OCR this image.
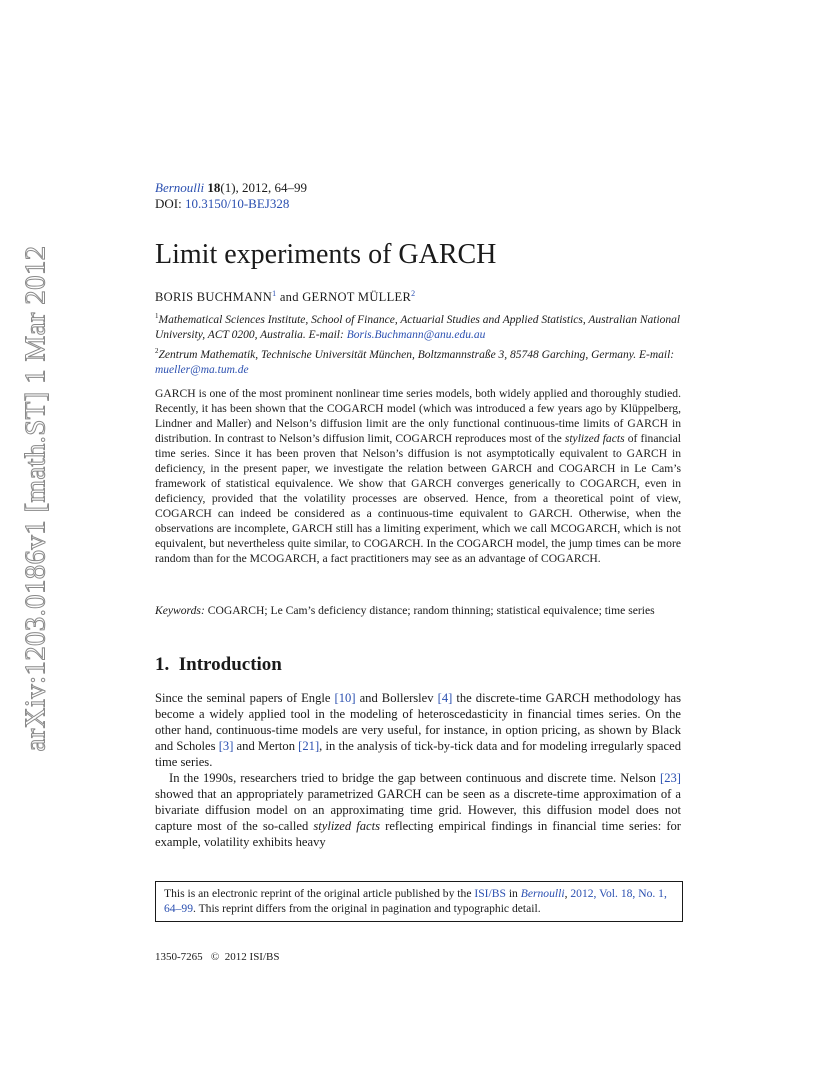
arXiv:1203.0186v1 [math.ST] 1 Mar 2012
Bernoulli 18(1), 2012, 64–99
DOI: 10.3150/10-BEJ328
Limit experiments of GARCH
BORIS BUCHMANN$^1$ and GERNOT MÜLLER$^2$
$^1$Mathematical Sciences Institute, School of Finance, Actuarial Studies and Applied Statistics, Australian National University, ACT 0200, Australia. E-mail: Boris.Buchmann@anu.edu.au
$^2$Zentrum Mathematik, Technische Universität München, Boltzmannstraße 3, 85748 Garching, Germany. E-mail: mueller@ma.tum.de

GARCH is one of the most prominent nonlinear time series models, both widely applied and thoroughly studied. Recently, it has been shown that the COGARCH model (which was introduced a few years ago by Klüppelberg, Lindner and Maller) and Nelson’s diffusion limit are the only functional continuous-time limits of GARCH in distribution. In contrast to Nelson’s diffusion limit, COGARCH reproduces most of the stylized facts of financial time series. Since it has been proven that Nelson’s diffusion is not asymptotically equivalent to GARCH in deficiency, in the present paper, we investigate the relation between GARCH and COGARCH in Le Cam’s framework of statistical equivalence. We show that GARCH converges generically to COGARCH, even in deficiency, provided that the volatility processes are observed. Hence, from a theoretical point of view, COGARCH can indeed be considered as a continuous-time equivalent to GARCH. Otherwise, when the observations are incomplete, GARCH still has a limiting experiment, which we call MCOGARCH, which is not equivalent, but nevertheless quite similar, to COGARCH. In the COGARCH model, the jump times can be more random than for the MCOGARCH, a fact practitioners may see as an advantage of COGARCH.

Keywords: COGARCH; Le Cam’s deficiency distance; random thinning; statistical equivalence; time series
1. Introduction

Since the seminal papers of Engle [10] and Bollerslev [4] the discrete-time GARCH methodology has become a widely applied tool in the modeling of heteroscedasticity in financial times series. On the other hand, continuous-time models are very useful, for instance, in option pricing, as shown by Black and Scholes [3] and Merton [21], in the analysis of tick-by-tick data and for modeling irregularly spaced time series.

In the 1990s, researchers tried to bridge the gap between continuous and discrete time. Nelson [23] showed that an appropriately parametrized GARCH can be seen as a discrete-time approximation of a bivariate diffusion model on an approximating time grid. However, this diffusion model does not capture most of the so-called stylized facts reflecting empirical findings in financial time series: for example, volatility exhibits heavy

This is an electronic reprint of the original article published by the ISI/BS in Bernoulli, 2012, Vol. 18, No. 1, 64–99. This reprint differs from the original in pagination and typographic detail.
1350-7265 © 2012 ISI/BS
